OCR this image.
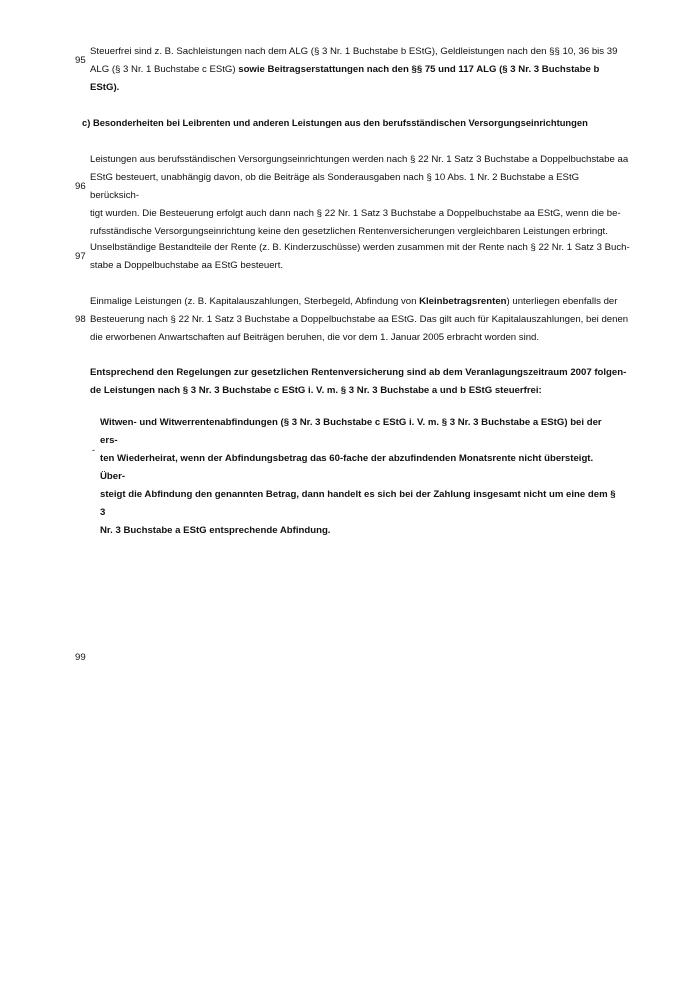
95

Steuerfrei sind z. B. Sachleistungen nach dem ALG (§ 3 Nr. 1 Buchstabe b EStG), Geldleistungen nach den §§ 10, 36 bis 39

ALG (§ 3 Nr. 1 Buchstabe c EStG) sowie Beitragserstattungen nach den §§ 75 und 117 ALG (§ 3 Nr. 3 Buchstabe b EStG).

c) Besonderheiten bei Leibrenten und anderen Leistungen aus den berufsständischen Versorgungseinrichtungen
96

Leistungen aus berufsständischen Versorgungseinrichtungen werden nach § 22 Nr. 1 Satz 3 Buchstabe a Doppelbuchstabe aa

EStG besteuert, unabhängig davon, ob die Beiträge als Sonderausgaben nach § 10 Abs. 1 Nr. 2 Buchstabe a EStG berücksich-

tigt wurden. Die Besteuerung erfolgt auch dann nach § 22 Nr. 1 Satz 3 Buchstabe a Doppelbuchstabe aa EStG, wenn die be-

rufsständische Versorgungseinrichtung keine den gesetzlichen Rentenversicherungen vergleichbaren Leistungen erbringt.

97

Unselbständige Bestandteile der Rente (z. B. Kinderzuschüsse) werden zusammen mit der Rente nach § 22 Nr. 1 Satz 3 Buch-

stabe a Doppelbuchstabe aa EStG besteuert.

98

Einmalige Leistungen (z. B. Kapitalauszahlungen, Sterbegeld, Abfindung von Kleinbetragsrenten) unterliegen ebenfalls der

Besteuerung nach § 22 Nr. 1 Satz 3 Buchstabe a Doppelbuchstabe aa EStG. Das gilt auch für Kapitalauszahlungen, bei denen

die erworbenen Anwartschaften auf Beiträgen beruhen, die vor dem 1. Januar 2005 erbracht worden sind.

Entsprechend den Regelungen zur gesetzlichen Rentenversicherung sind ab dem Veranlagungszeitraum 2007 folgen-

de Leistungen nach § 3 Nr. 3 Buchstabe c EStG i. V. m. § 3 Nr. 3 Buchstabe a und b EStG steuerfrei:

-

Witwen- und Witwerrentenabfindungen (§ 3 Nr. 3 Buchstabe c EStG i. V. m. § 3 Nr. 3 Buchstabe a EStG) bei der ers-

ten Wiederheirat, wenn der Abfindungsbetrag das 60-fache der abzufindenden Monatsrente nicht übersteigt. Über-

steigt die Abfindung den genannten Betrag, dann handelt es sich bei der Zahlung insgesamt nicht um eine dem § 3

Nr. 3 Buchstabe a EStG entsprechende Abfindung.

99
